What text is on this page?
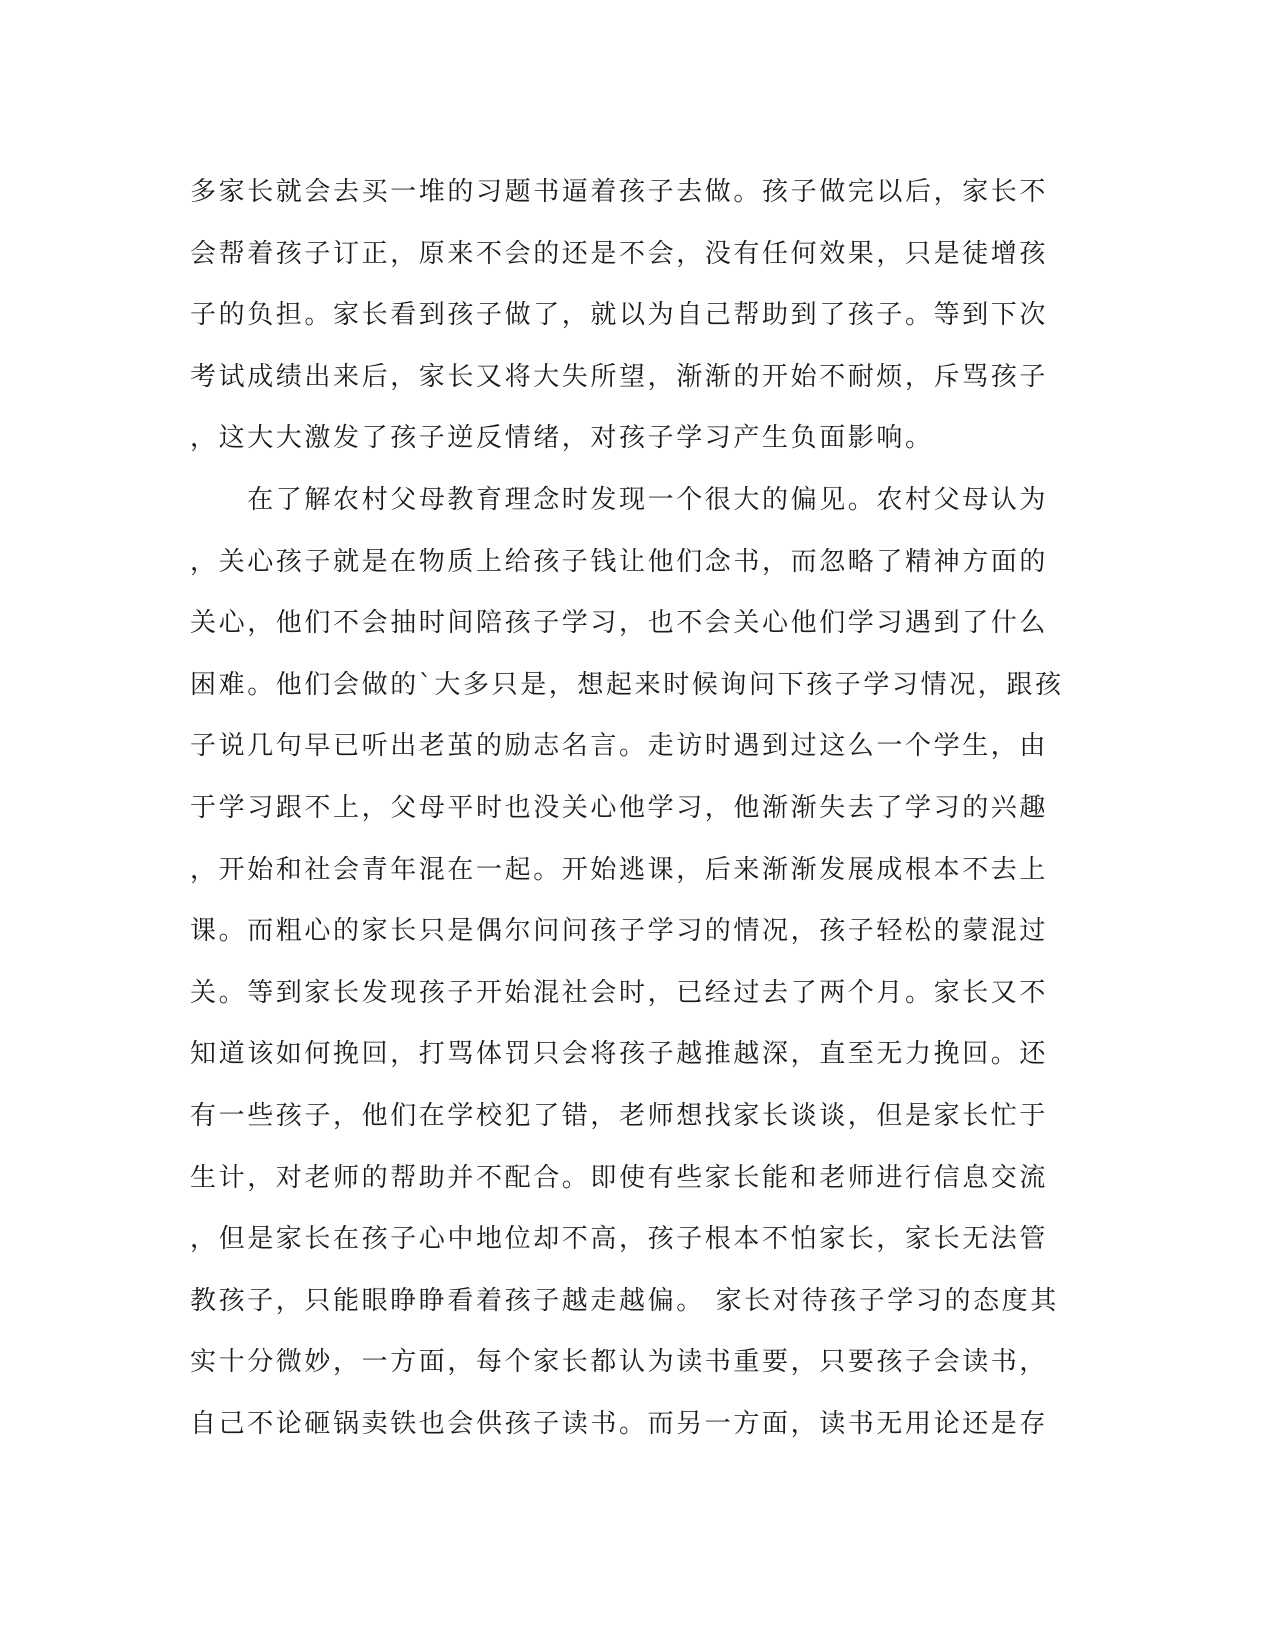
多家长就会去买一堆的习题书逼着孩子去做。孩子做完以后，家长不
会帮着孩子订正，原来不会的还是不会，没有任何效果，只是徒增孩
子的负担。家长看到孩子做了，就以为自己帮助到了孩子。等到下次
考试成绩出来后，家长又将大失所望，渐渐的开始不耐烦，斥骂孩子
，这大大激发了孩子逆反情绪，对孩子学习产生负面影响。
　　在了解农村父母教育理念时发现一个很大的偏见。农村父母认为
，关心孩子就是在物质上给孩子钱让他们念书，而忽略了精神方面的
关心，他们不会抽时间陪孩子学习，也不会关心他们学习遇到了什么
困难。他们会做的`大多只是，想起来时候询问下孩子学习情况，跟孩
子说几句早已听出老茧的励志名言。走访时遇到过这么一个学生，由
于学习跟不上，父母平时也没关心他学习，他渐渐失去了学习的兴趣
，开始和社会青年混在一起。开始逃课，后来渐渐发展成根本不去上
课。而粗心的家长只是偶尔问问孩子学习的情况，孩子轻松的蒙混过
关。等到家长发现孩子开始混社会时，已经过去了两个月。家长又不
知道该如何挽回，打骂体罚只会将孩子越推越深，直至无力挽回。还
有一些孩子，他们在学校犯了错，老师想找家长谈谈，但是家长忙于
生计，对老师的帮助并不配合。即使有些家长能和老师进行信息交流
，但是家长在孩子心中地位却不高，孩子根本不怕家长，家长无法管
教孩子，只能眼睁睁看着孩子越走越偏。 家长对待孩子学习的态度其
实十分微妙，一方面，每个家长都认为读书重要，只要孩子会读书，
自己不论砸锅卖铁也会供孩子读书。而另一方面，读书无用论还是存
